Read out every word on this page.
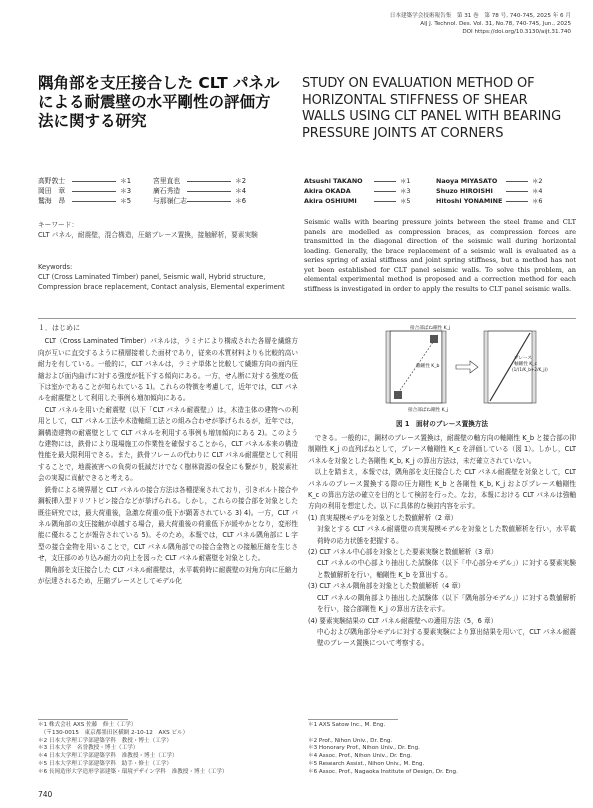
日本建築学会技術報告集　第 31 巻　第 78 号, 740-745, 2025 年 6 月
AIJ J. Technol. Des. Vol. 31, No.78, 740-745, Jun., 2025
DOI https://doi.org/10.3130/aijt.31.740
隅角部を支圧接合した CLT パネルによる耐震壁の水平剛性の評価方法に関する研究
STUDY ON EVALUATION METHOD OF HORIZONTAL STIFFNESS OF SHEAR WALLS USING CLT PANEL WITH BEARING PRESSURE JOINTS AT CORNERS
高野敦士	＊1	宮里直也	＊2
岡田　章	＊3	廣石秀造	＊4
鷲海　昂	＊5	与那嶺仁志	＊6
Atsushi TAKANO	＊1	Naoya MIYASATO	＊2
Akira OKADA	＊3	Shuzo HIROISHI	＊4
Akira OSHIUMI	＊5	Hitoshi YONAMINE	＊6
キーワード：
CLT パネル，耐震壁，混合構造，圧縮ブレース置換，接触解析，要素実験
Keywords:
CLT (Cross Laminated Timber) panel, Seismic wall, Hybrid structure, Compression brace replacement, Contact analysis, Elemental experiment
Seismic walls with bearing pressure joints between the steel frame and CLT panels are modelled as compression braces, as compression forces are transmitted in the diagonal direction of the seismic wall during horizontal loading. Generally, the brace replacement of a seismic wall is evaluated as a series spring of axial stiffness and joint spring stiffness, but a method has not yet been established for CLT panel seismic walls. To solve this problem, an elemental experimental method is proposed and a correction method for each stiffness is investigated in order to apply the results to CLT panel seismic walls.
１．はじめに

CLT（Cross Laminated Timber）パネルは，ラミナにより構成された各層を繊維方向が互いに直交するように積層接着した面材であり，従来の木質材料よりも比較的高い耐力を有している。一般的に，CLT パネルは，ラミナ単体と比較して繊維方向の面内圧縮および面内曲げに対する強度が低下する傾向にある。一方，せん断に対する強度の低下は室かであることが知られている 1)。これらの特徴を考慮して，近年では，CLT パネルを耐震壁として利用した事例も増加傾向にある。

CLT パネルを用いた耐震壁（以下「CLT パネル耐震壁」）は，木造主体の建物への利用として，CLT パネル工法や木造軸組工法との組み合わせが挙げられるが，近年では，鋼構造建物の耐震壁として CLT パネルを利用する事例も増加傾向にある 2)。このような建物には，鉄骨により現場施工の作業性を確保することから，CLT パネル本来の構造性能を最大限利用できる。また，鉄骨フレームの代わりに CLT パネル耐震壁として利用することで，地震被害への負荷の低減だけでなく樹林資源の保全にも繋がり，脱炭素社会の実現に貢献できると考える。

鉄骨による境界層と CLT パネルの接合方法は各種提案されており，引きボルト接合や鋼板挿入型ドリフトピン接合などが挙げられる。しかし，これらの接合部を対象とした既往研究では，最大荷重後，急激な荷重の低下が顕著されている 3) 4)。一方，CLT パネル隅角部の支圧接触が卓越する場合，最大荷重後の荷重低下が緩やかとなり，変形性能に優れることが報告されている 5)。そのため，本報では，CLT パネル隅角部に L 字型の接合金物を用いることで，CLT パネル隅角部での接合金物との接触圧縮を生じさせ，支圧部のめり込み耐力の向上を図った CLT パネル耐震壁を対象とした。

隅角部を支圧接合した CLT パネル耐震壁は，水平載荷時に耐震壁の対角方向に圧縮力が伝達されるため，圧縮ブレースとしてモデル化

接合部ばね剛性 K_j
軸剛性 K_b
接合部ばね剛性 K_j
ブレース
軸剛性 K_c
(1/(1/K_b+2/K_j))
図 1　面材のブレース置換方法

できる。一般的に，鋼材のブレース置換は，耐震壁の軸方向の軸剛性 K_b と接合部の抑制剛性 K_j の直列ばねとして，ブレース軸剛性 K_c を評価している（図 1）。しかし，CLT パネルを対象とした各剛性 K_b, K_j の算出方法は，未だ確立されていない。

以上を踏まえ，本報では，隅角部を支圧接合した CLT パネル耐震壁を対象として，CLT パネルのブレース置換する際の圧力剛性 K_b と各剛性 K_b, K_j およびブレース軸剛性 K_c の算出方法の確立を目的として検討を行った。なお，本報における CLT パネルは強軸方向の利用を想定した。以下に具体的な検討内容を示す。

(1) 真実規模モデルを対象とした数値解析（2 章）
対象とする CLT パネル耐震壁の真実規模モデルを対象とした数値解析を行い，水平載荷時の応力状態を把握する。
(2) CLT パネル中心部を対象とした要素実験と数値解析（3 章）
CLT パネルの中心部より抽出した試験体（以下「中心部分モデル」）に対する要素実験と数値解析を行い，軸剛性 K_b を算出する。
(3) CLT パネル隅角部を対象とした数値解析（4 章）
CLT パネルの隅角部より抽出した試験体（以下「隅角部分モデル」）に対する数値解析を行い，接合部剛性 K_j の算出方法を示す。
(4) 要素実験結果の CLT パネル耐震壁への適用方法（5，6 章）
中心および隅角部分モデルに対する要素実験により算出結果を用いて，CLT パネル耐震壁のブレース置換について考察する。
＊1 株式会社 AXS 佐藤　修士（工学）
　（〒130-0015　東京都墨田区横網 2-10-12　AXS ビル）
＊2 日本大学理工学部建築学科　教授・博士（工学）
＊3 日本大学　名誉教授・博士（工学）
＊4 日本大学理工学部建築学科　准教授・博士（工学）
＊5 日本大学理工学部建築学科　助手・修士（工学）
＊6 長岡造形大学造形学部建築・環境デザイン学科　准教授・博士（工学）
＊1 AXS Satow Inc., M. Eng.
＊2 Prof., Nihon Univ., Dr. Eng.
＊3 Honorary Prof., Nihon Univ., Dr. Eng.
＊4 Assoc. Prof., Nihon Univ., Dr. Eng.
＊5 Research Assist., Nihon Univ., M. Eng.
＊6 Assoc. Prof., Nagaoka Institute of Design, Dr. Eng.
740
